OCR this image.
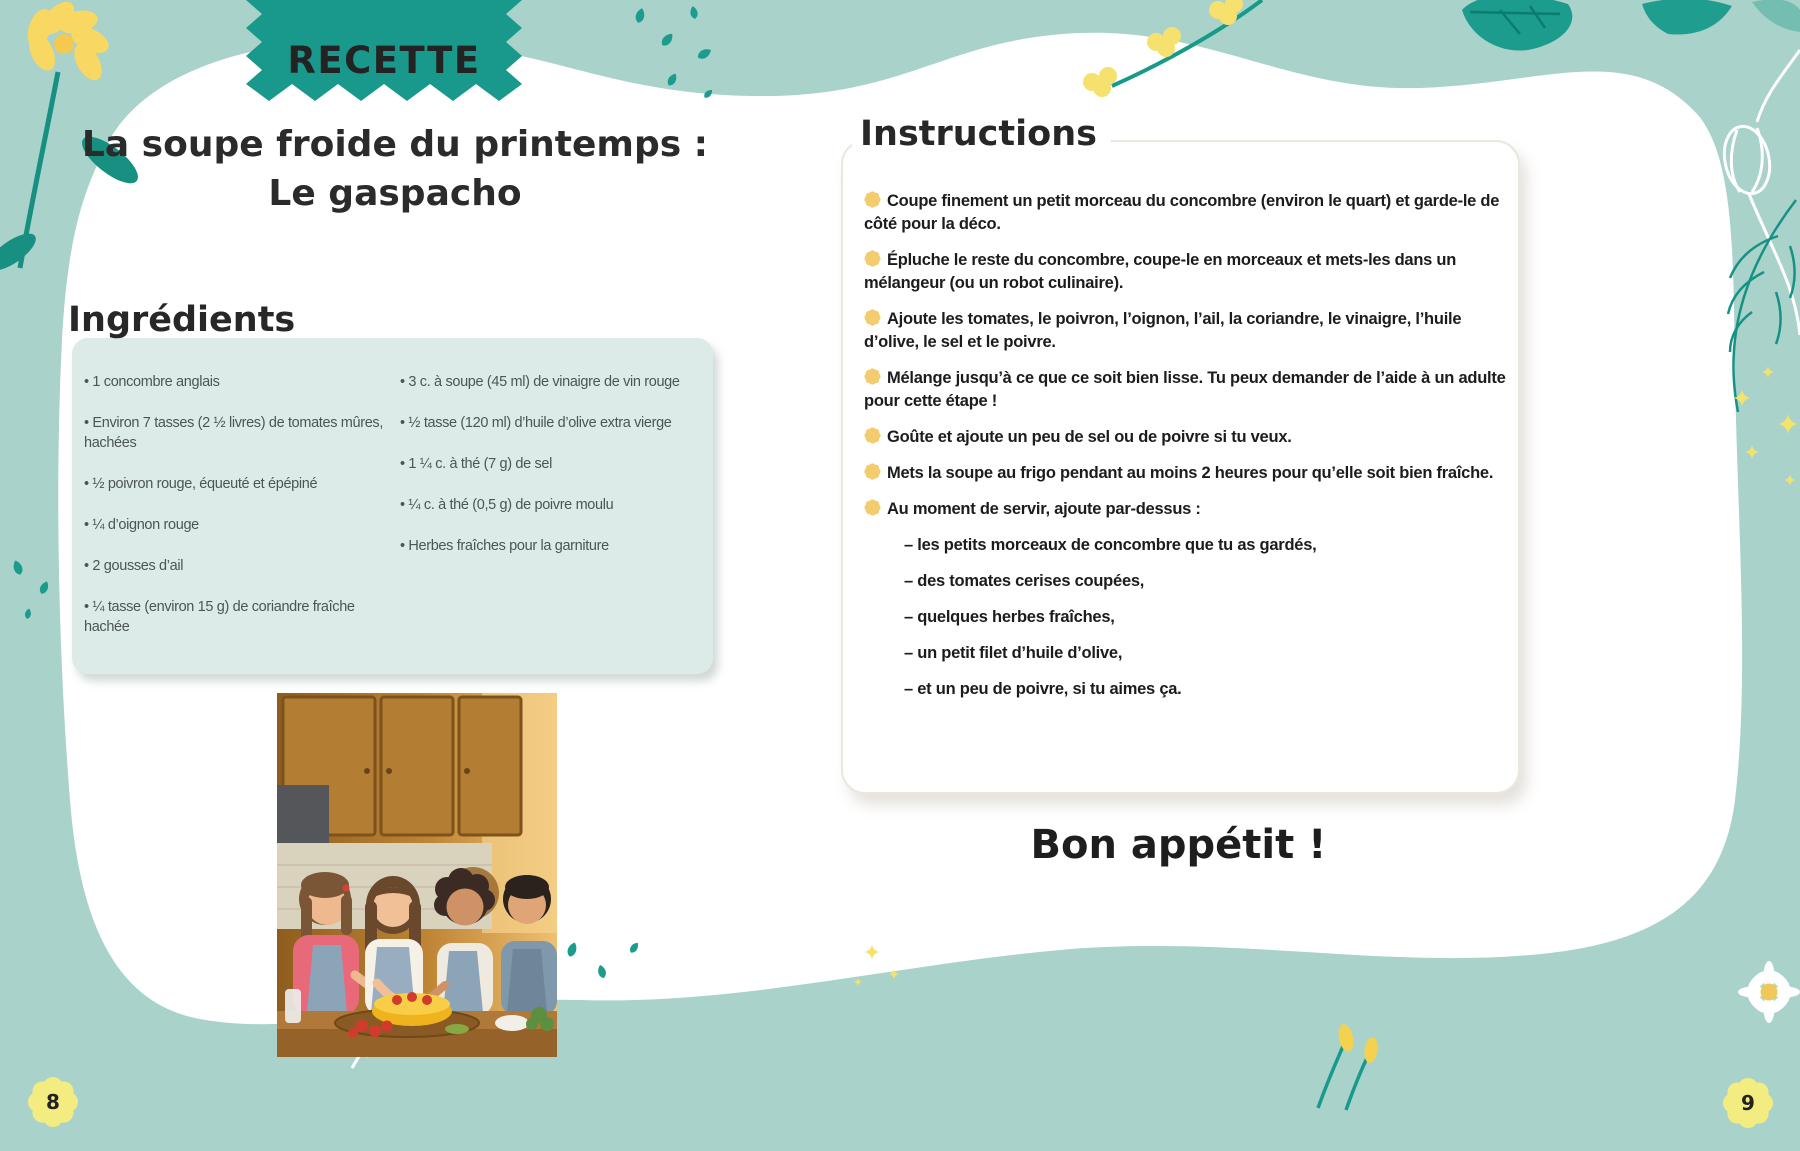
RECETTE
La soupe froide du printemps :
Le gaspacho
Ingrédients
• 1 concombre anglais
• Environ 7 tasses (2 ½ livres) de tomates mûres, hachées
• ½ poivron rouge, équeuté et épépiné
• ¼ d’oignon rouge
• 2 gousses d’ail
• ¼ tasse (environ 15 g) de coriandre fraîche hachée
• 3 c. à soupe (45 ml) de vinaigre de vin rouge
• ½ tasse (120 ml) d’huile d’olive extra vierge
• 1 ¼ c. à thé (7 g) de sel
• ¼ c. à thé (0,5 g) de poivre moulu
• Herbes fraîches pour la garniture
Instructions
Coupe finement un petit morceau du concombre (environ le quart) et garde-le de côté pour la déco.
Épluche le reste du concombre, coupe-le en morceaux et mets-les dans un mélangeur (ou un robot culinaire).
Ajoute les tomates, le poivron, l’oignon, l’ail, la coriandre, le vinaigre, l’huile d’olive, le sel et le poivre.
Mélange jusqu’à ce que ce soit bien lisse. Tu peux demander de l’aide à un adulte pour cette étape !
Goûte et ajoute un peu de sel ou de poivre si tu veux.
Mets la soupe au frigo pendant au moins 2 heures pour qu’elle soit bien fraîche.
Au moment de servir, ajoute par-dessus :
– les petits morceaux de concombre que tu as gardés,
– des tomates cerises coupées,
– quelques herbes fraîches,
– un petit filet d’huile d’olive,
– et un peu de poivre, si tu aimes ça.
Bon appétit !
8	9
